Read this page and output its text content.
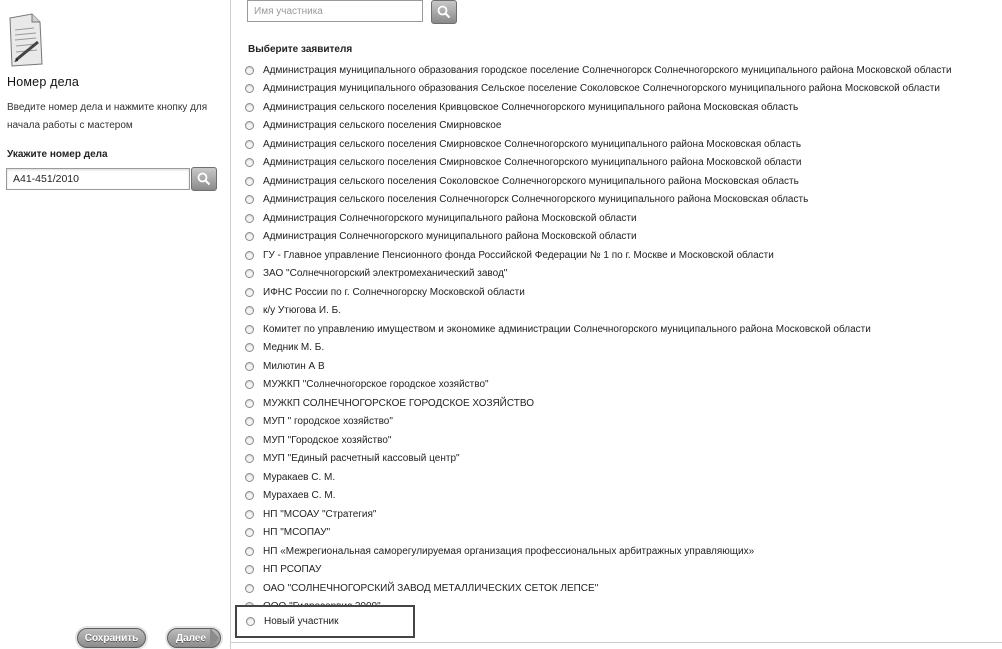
Номер дела
Введите номер дела и нажмите кнопку для начала работы с мастером
Укажите номер дела
А41-451/2010
Сохранить	Далее
Имя участника
Выберите заявителя
Администрация муниципального образования городское поселение Солнечногорск Солнечногорского муниципального района Московской области
Администрация муниципального образования Сельское поселение Соколовское Солнечногорского муниципального района Московской области
Администрация сельского поселения Кривцовское Солнечногорского муниципального района Московская область
Администрация сельского поселения Смирновское
Администрация сельского поселения Смирновское Солнечногорского муниципального района Московская область
Администрация сельского поселения Смирновское Солнечногорского муниципального района Московской области
Администрация сельского поселения Соколовское Солнечногорского муниципального района Московская область
Администрация сельского поселения Солнечногорск Солнечногорского муниципального района Московская область
Администрация Солнечногорского муниципального района Московской области
Администрация Солнечногорского муниципального района Московской области
ГУ - Главное управление Пенсионного фонда Российской Федерации № 1 по г. Москве и Московской области
ЗАО "Солнечногорский электромеханический завод"
ИФНС России по г. Солнечногорску Московской области
к/у Утюгова И. Б.
Комитет по управлению имуществом и экономике администрации Солнечногорского муниципального района Московской области
Медник М. Б.
Милютин А В
МУЖКП "Солнечногорское городское хозяйство"
МУЖКП СОЛНЕЧНОГОРСКОЕ ГОРОДСКОЕ ХОЗЯЙСТВО
МУП " городское хозяйство"
МУП "Городское хозяйство"
МУП "Единый расчетный кассовый центр"
Муракаев С. М.
Мурахаев С. М.
НП "МСОАУ "Стратегия"
НП "МСОПАУ"
НП «Межрегиональная саморегулируемая организация профессиональных арбитражных управляющих»
НП РСОПАУ
ОАО "СОЛНЕЧНОГОРСКИЙ ЗАВОД МЕТАЛЛИЧЕСКИХ СЕТОК ЛЕПСЕ"
Новый участник
